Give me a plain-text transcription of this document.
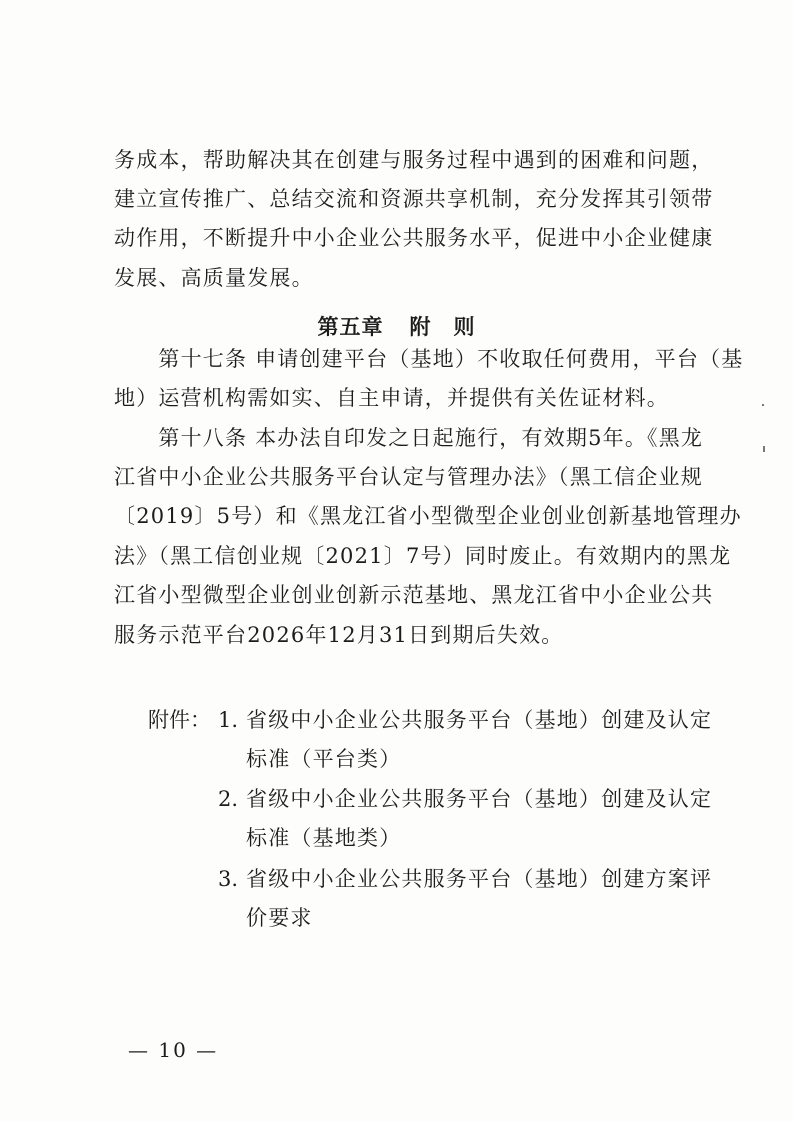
务成本，帮助解决其在创建与服务过程中遇到的困难和问题，
建立宣传推广、总结交流和资源共享机制，充分发挥其引领带
动作用，不断提升中小企业公共服务水平，促进中小企业健康
发展、高质量发展。
第五章 附　则
　　第十七条 申请创建平台（基地）不收取任何费用，平台（基
地）运营机构需如实、自主申请，并提供有关佐证材料。
　　第十八条 本办法自印发之日起施行，有效期5年。《黑龙
江省中小企业公共服务平台认定与管理办法》（黑工信企业规
〔2019〕5号）和《黑龙江省小型微型企业创业创新基地管理办
法》（黑工信创业规〔2021〕7号）同时废止。有效期内的黑龙
江省小型微型企业创业创新示范基地、黑龙江省中小企业公共
服务示范平台2026年12月31日到期后失效。
附件： 1. 省级中小企业公共服务平台（基地）创建及认定
标准（平台类）
2. 省级中小企业公共服务平台（基地）创建及认定
标准（基地类）
3. 省级中小企业公共服务平台（基地）创建方案评
价要求
— 10 —
